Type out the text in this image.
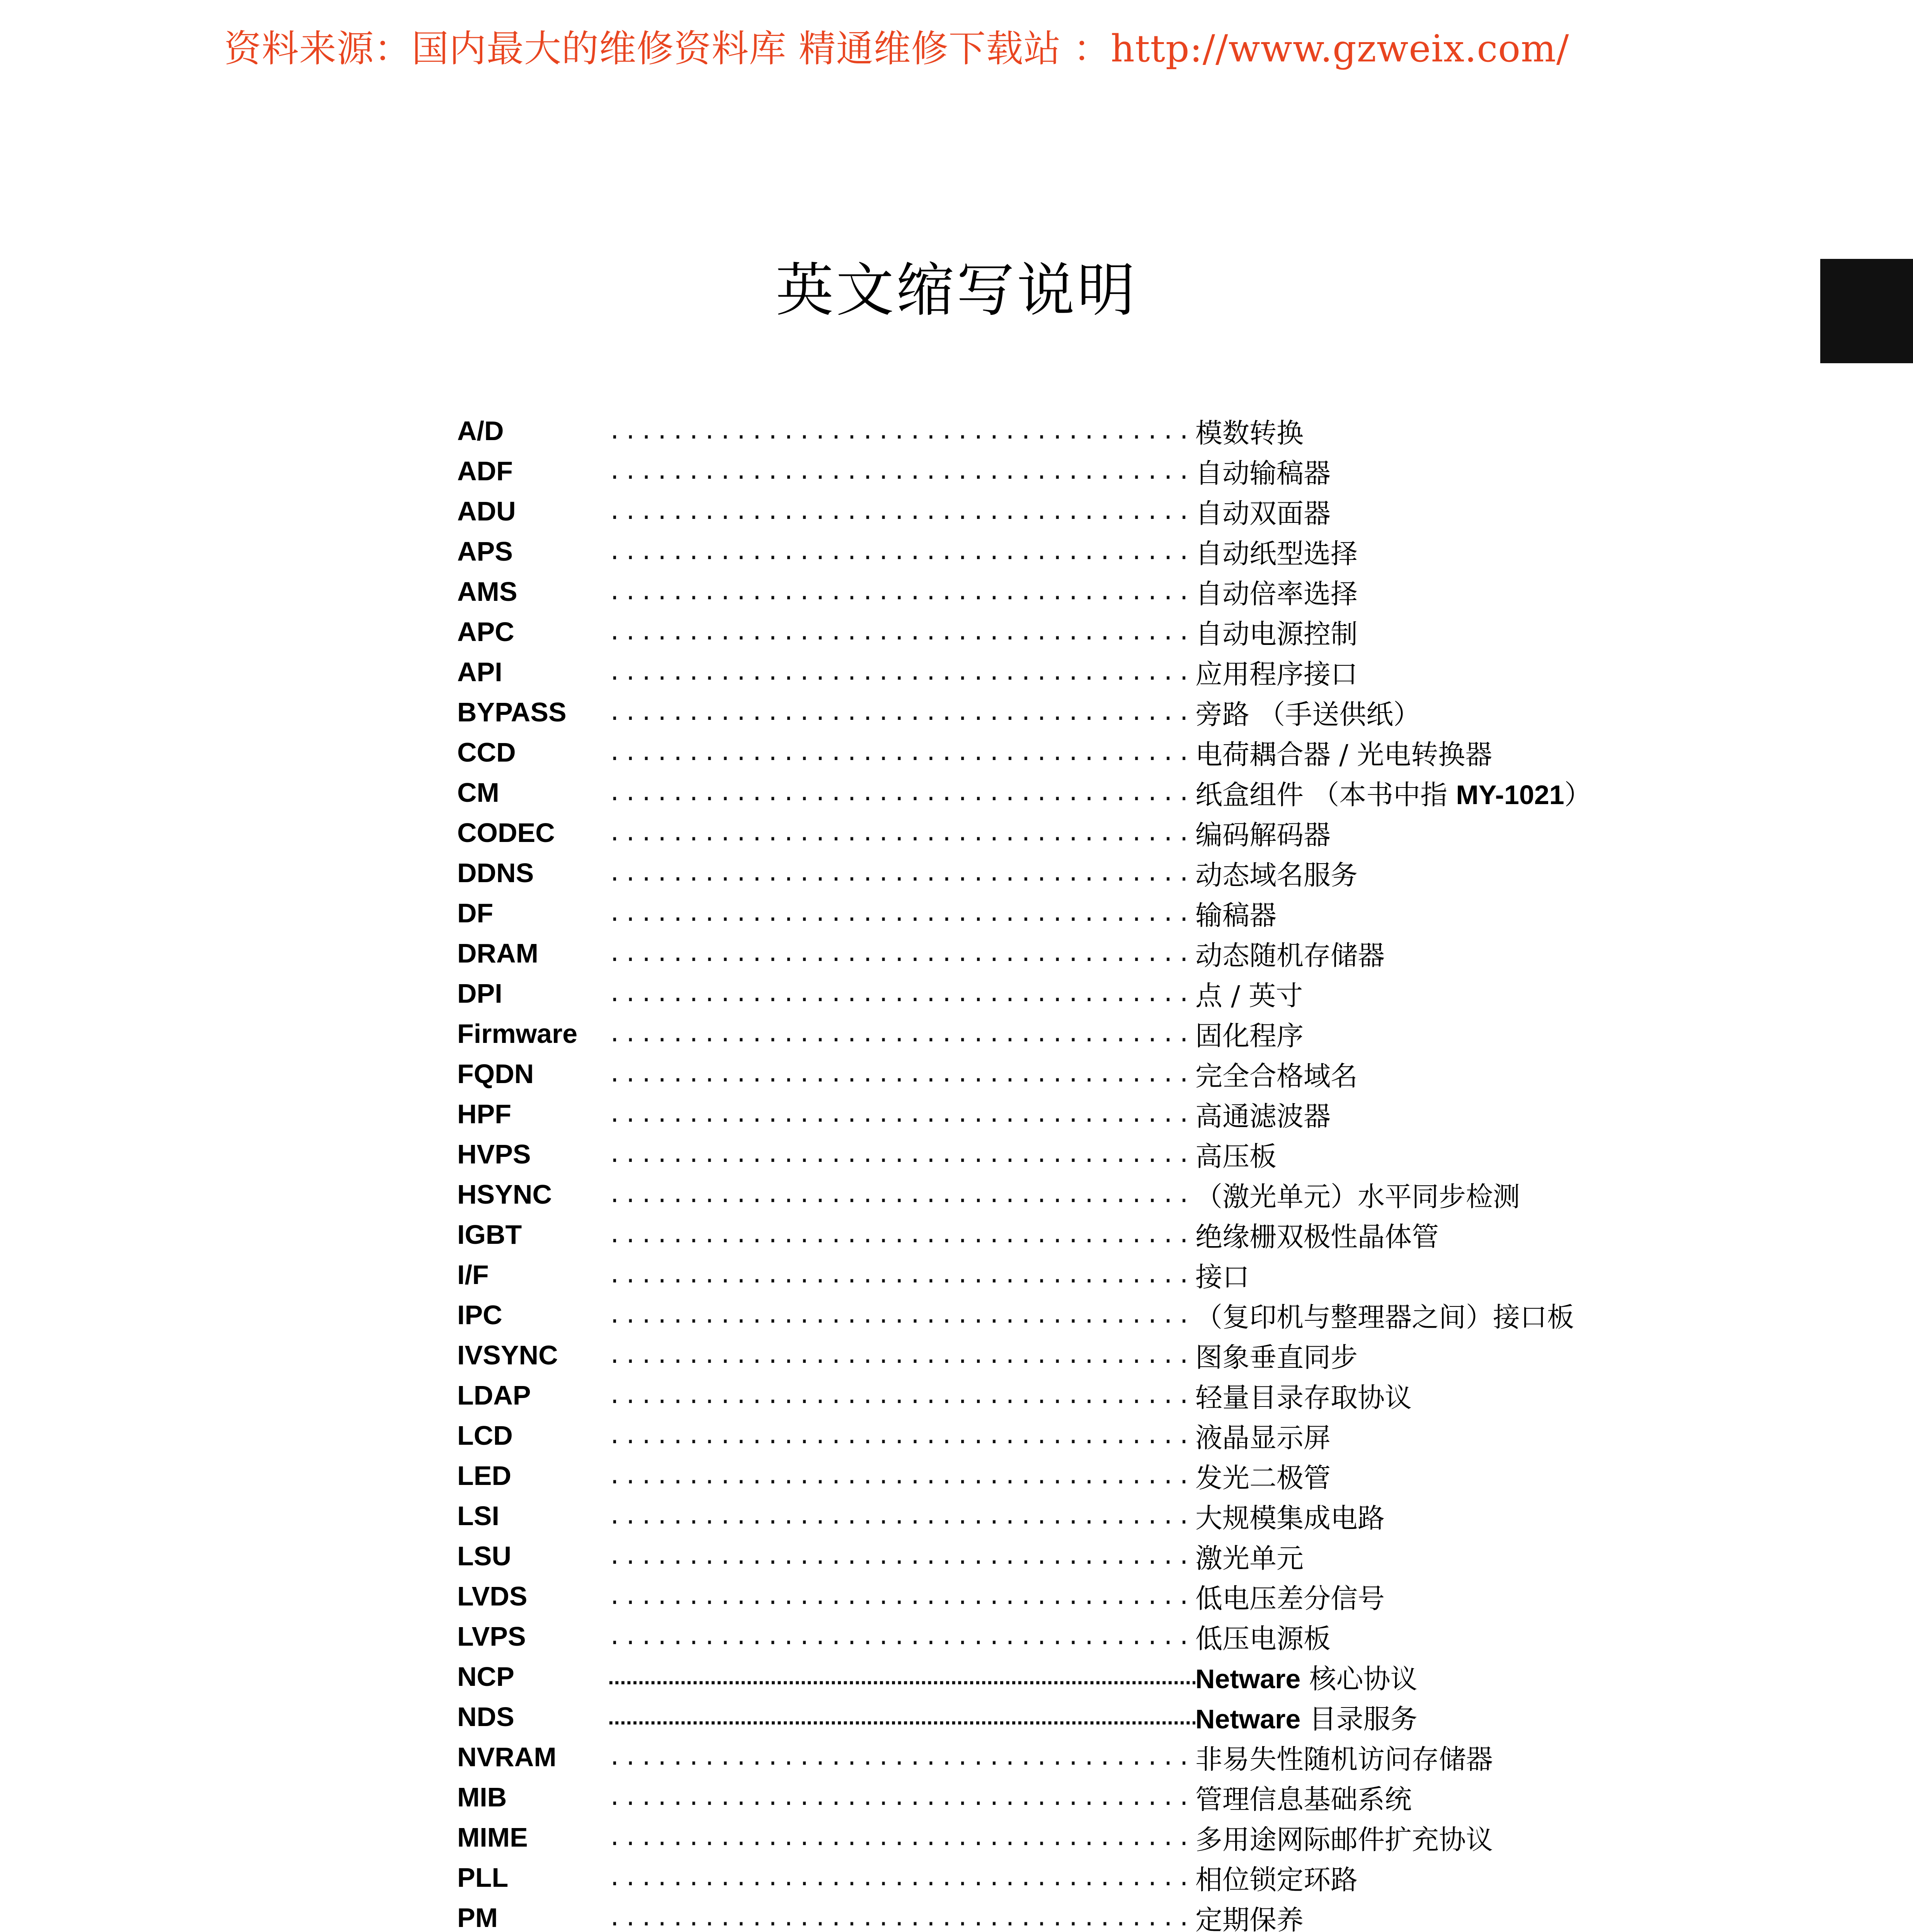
资料来源：国内最大的维修资料库 精通维修下载站 ：http://www.gzweix.com/
英文缩写说明
A/D .....	模数转换
ADF .....	自动输稿器
ADU .....	自动双面器
APS .....	自动纸型选择
AMS .....	自动倍率选择
APC .....	自动电源控制
API .....	应用程序接口
BYPASS .....	旁路 （手送供纸）
CCD .....	电荷耦合器 / 光电转换器
CM .....	纸盒组件 （本书中指 MY-1021）
CODEC .....	编码解码器
DDNS .....	动态域名服务
DF .....	输稿器
DRAM .....	动态随机存储器
DPI .....	点 / 英寸
Firmware .....	固化程序
FQDN .....	完全合格域名
HPF .....	高通滤波器
HVPS .....	高压板
HSYNC .....	（激光单元）水平同步检测
IGBT .....	绝缘栅双极性晶体管
I/F .....	接口
IPC .....	（复印机与整理器之间）接口板
IVSYNC .....	图象垂直同步
LDAP .....	轻量目录存取协议
LCD .....	液晶显示屏
LED .....	发光二极管
LSI .....	大规模集成电路
LSU .....	激光单元
LVDS .....	低电压差分信号
LVPS .....	低压电源板
NCP .....	Netware 核心协议
NDS .....	Netware 目录服务
NVRAM .....	非易失性随机访问存储器
MIB .....	管理信息基础系统
MIME .....	多用途网际邮件扩充协议
PLL .....	相位锁定环路
PM .....	定期保养
